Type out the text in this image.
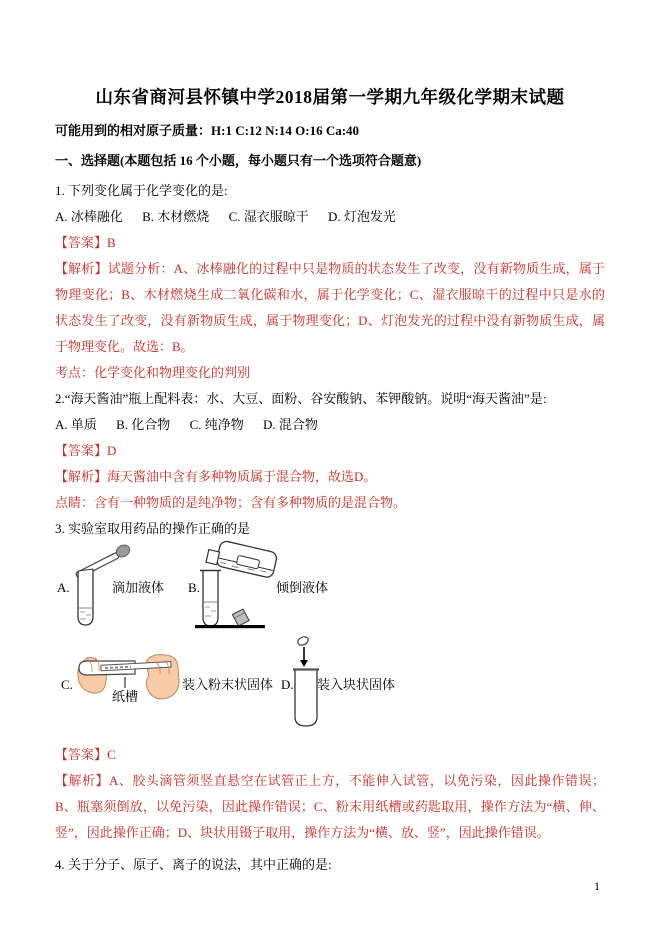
山东省商河县怀镇中学2018届第一学期九年级化学期末试题

可能用到的相对原子质量：H:1 C:12 N:14 O:16 Ca:40

一、选择题(本题包括 16 个小题，每小题只有一个选项符合题意)

1. 下列变化属于化学变化的是:

A. 冰棒融化 B. 木材燃烧 C. 湿衣服晾干 D. 灯泡发光

【答案】B

【解析】试题分析：A、冰棒融化的过程中只是物质的状态发生了改变，没有新物质生成，属于物理变化；B、木材燃烧生成二氧化碳和水，属于化学变化；C、湿衣服晾干的过程中只是水的状态发生了改变，没有新物质生成，属于物理变化；D、灯泡发光的过程中没有新物质生成，属于物理变化。故选：B。

考点：化学变化和物理变化的判别

2.“海天酱油”瓶上配料表：水、大豆、面粉、谷安酸钠、苯钾酸钠。说明“海天酱油”是:

A. 单质 B. 化合物 C. 纯净物 D. 混合物

【答案】D

【解析】海天酱油中含有多种物质属于混合物，故选D。

点睛：含有一种物质的是纯净物；含有多种物质的是混合物。

3. 实验室取用药品的操作正确的是

A.	滴加液体 B.	倾倒液体
C.
纸槽
装入粉末状固体 D. 装入块状固体

【答案】C

【解析】A、胶头滴管须竖直悬空在试管正上方，不能伸入试管，以免污染，因此操作错误；B、瓶塞须倒放，以免污染，因此操作错误；C、粉末用纸槽或药匙取用，操作方法为“横、伸、竖”，因此操作正确；D、块状用镊子取用，操作方法为“横、放、竖”，因此操作错误。

4. 关于分子、原子、离子的说法，其中正确的是:

1
